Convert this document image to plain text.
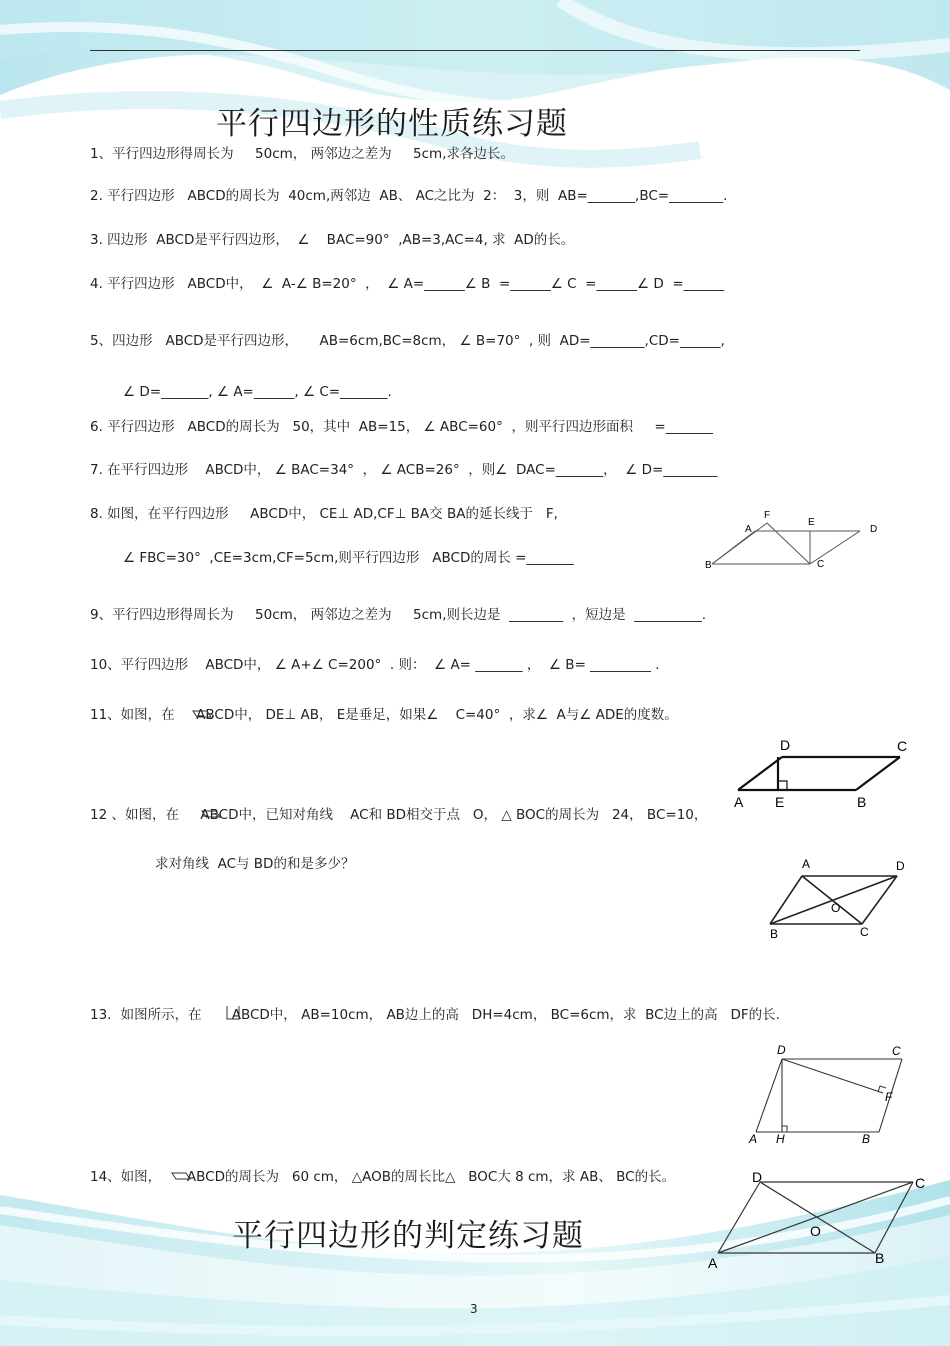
平行四边形的性质练习题
1、平行四边形得周长为     50cm， 两邻边之差为     5cm,求各边长。
2. 平行四边形   ABCD的周长为  40cm,两邻边  AB、 AC之比为  2：  3，则  AB=_______,BC=________.
3. 四边形  ABCD是平行四边形，  ∠    BAC=90°  ,AB=3,AC=4, 求  AD的长。
4. 平行四边形   ABCD中，  ∠  A-∠ B=20°  ，  ∠ A=______∠ B  =______∠ C  =______∠ D  =______
5、四边形   ABCD是平行四边形，     AB=6cm,BC=8cm， ∠ B=70°  , 则  AD=________,CD=______,
∠ D=_______, ∠ A=______, ∠ C=_______.
6. 平行四边形   ABCD的周长为   50，其中  AB=15， ∠ ABC=60°  ，则平行四边形面积     =_______
7. 在平行四边形    ABCD中， ∠ BAC=34°  ， ∠ ACB=26°  ，则∠  DAC=_______，  ∠ D=________
8. 如图，在平行四边形     ABCD中， CE⊥ AD,CF⊥ BA交 BA的延长线于   F,
∠ FBC=30°  ,CE=3cm,CF=5cm,则平行四边形   ABCD的周长 =_______
F
A
E
D
B	C
9、平行四边形得周长为     50cm， 两邻边之差为     5cm,则长边是  ________  ，短边是  __________.
10、平行四边形    ABCD中， ∠ A+∠ C=200°  . 则：  ∠ A= _______ ，  ∠ B= _________ .
11、如图，在     ABCD中， DE⊥ AB， E是垂足，如果∠    C=40°  ，求∠  A与∠ ADE的度数。
D	C
A E	B
12 、如图，在     ABCD中，已知对角线    AC和 BD相交于点   O， △ BOC的周长为   24， BC=10，
求对角线  AC与 BD的和是多少？	A	D
O
B	C
13．如图所示，在       ABCD中， AB=10cm， AB边上的高   DH=4cm， BC=6cm，求  BC边上的高   DF的长.
D	C
F
A H	B
14、如图，      ABCD的周长为   60 cm， △AOB的周长比△   BOC大 8 cm，求 AB、 BC的长。	D	C
O
A	B
平行四边形的判定练习题
3
